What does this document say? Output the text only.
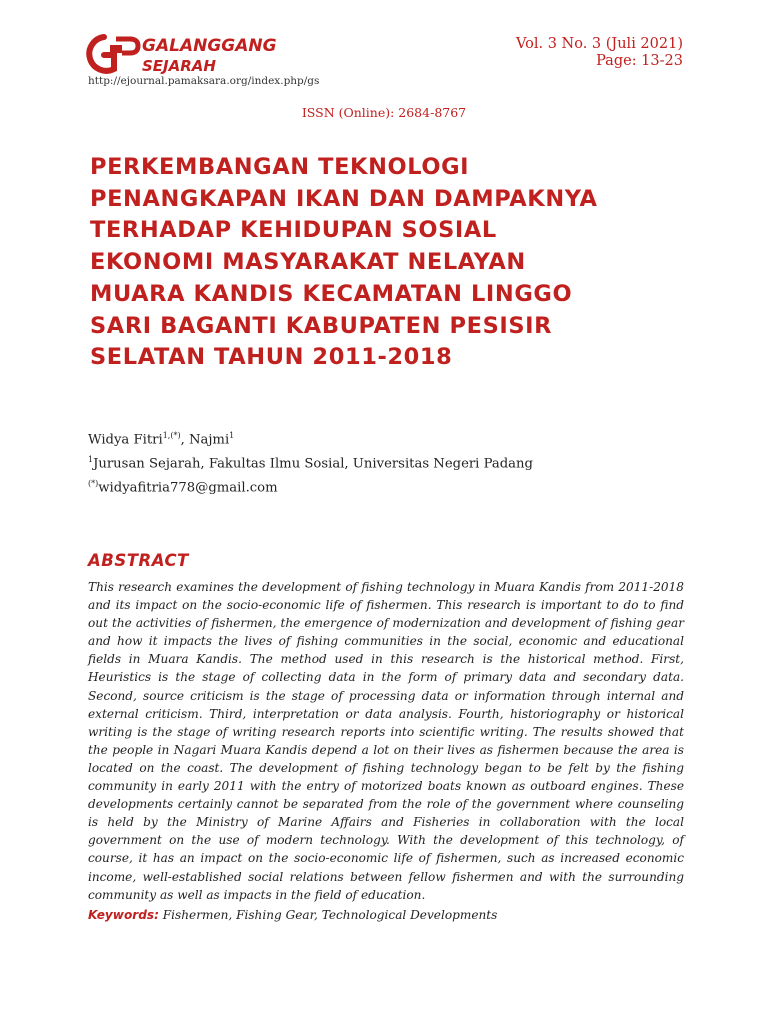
GALANGGANG
SEJARAH
http://ejournal.pamaksara.org/index.php/gs
Vol. 3 No. 3 (Juli 2021)
Page: 13-23
ISSN (Online): 2684-8767
PERKEMBANGAN TEKNOLOGI
PENANGKAPAN IKAN DAN DAMPAKNYA
TERHADAP KEHIDUPAN SOSIAL
EKONOMI MASYARAKAT NELAYAN
MUARA KANDIS KECAMATAN LINGGO
SARI BAGANTI KABUPATEN PESISIR
SELATAN TAHUN 2011-2018
Widya Fitri$^{1,(*)}$, Najmi$^1$
$^1$Jurusan Sejarah, Fakultas Ilmu Sosial, Universitas Negeri Padang
(*)widyafitria778@gmail.com
ABSTRACT

This research examines the development of fishing technology in Muara Kandis from 2011-2018 and its impact on the socio-economic life of fishermen. This research is important to do to find out the activities of fishermen, the emergence of modernization and development of fishing gear and how it impacts the lives of fishing communities in the social, economic and educational fields in Muara Kandis. The method used in this research is the historical method. First, Heuristics is the stage of collecting data in the form of primary data and secondary data. Second, source criticism is the stage of processing data or information through internal and external criticism. Third, interpretation or data analysis. Fourth, historiography or historical writing is the stage of writing research reports into scientific writing. The results showed that the people in Nagari Muara Kandis depend a lot on their lives as fishermen because the area is located on the coast. The development of fishing technology began to be felt by the fishing community in early 2011 with the entry of motorized boats known as outboard engines. These developments certainly cannot be separated from the role of the government where counseling is held by the Ministry of Marine Affairs and Fisheries in collaboration with the local government on the use of modern technology. With the development of this technology, of course, it has an impact on the socio-economic life of fishermen, such as increased economic income, well-established social relations between fellow fishermen and with the surrounding community as well as impacts in the field of education.

Keywords: Fishermen, Fishing Gear, Technological Developments
